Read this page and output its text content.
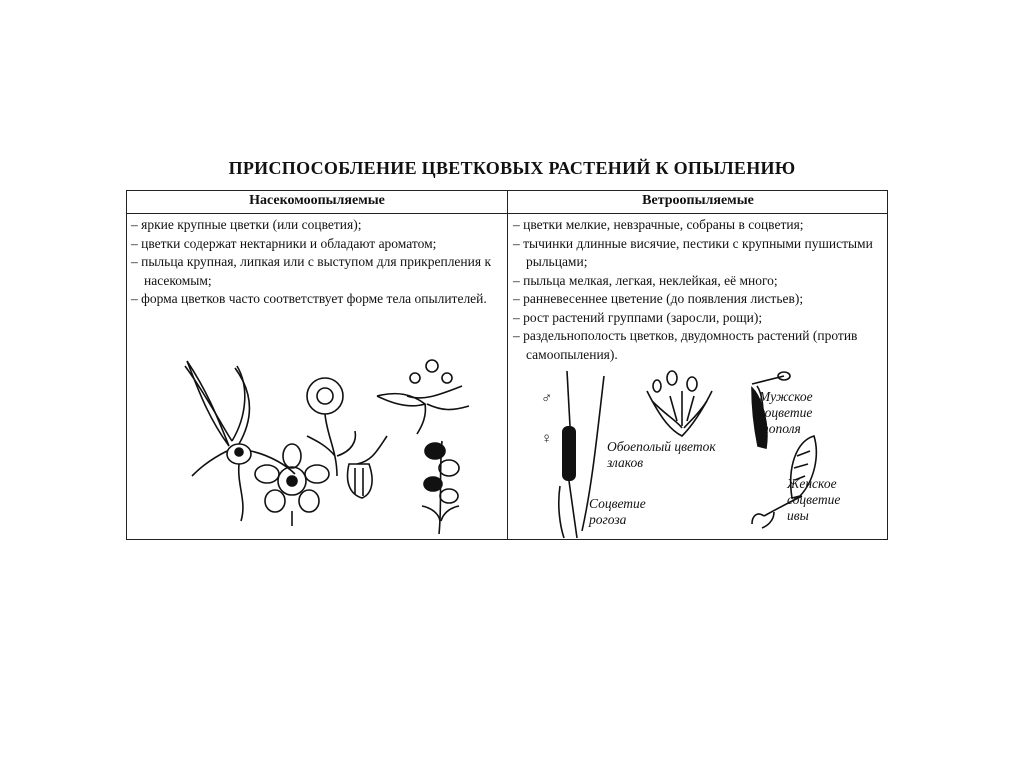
ПРИСПОСОБЛЕНИЕ ЦВЕТКОВЫХ РАСТЕНИЙ К ОПЫЛЕНИЮ
Насекомоопыляемые	Ветроопыляемые
– яркие крупные цветки (или соцветия);
– цветки содержат нектарники и обладают ароматом;
– пыльца крупная, липкая или с выступом для прикрепления к насекомым;
– форма цветков часто соответствует форме тела опылителей.
– цветки мелкие, невзрачные, собраны в соцветия;
– тычинки длинные висячие, пестики с крупными пушистыми рыльцами;
– пыльца мелкая, легкая, неклейкая, её много;
– ранневесеннее цветение (до появления листьев);
– рост растений группами (заросли, рощи);
– раздельнополость цветков, двудомность растений (против самоопыления).
♂
♀	Обоеполый цветок злаков
Мужское соцветие тополя
Женское соцветие ивы
Соцветие рогоза
